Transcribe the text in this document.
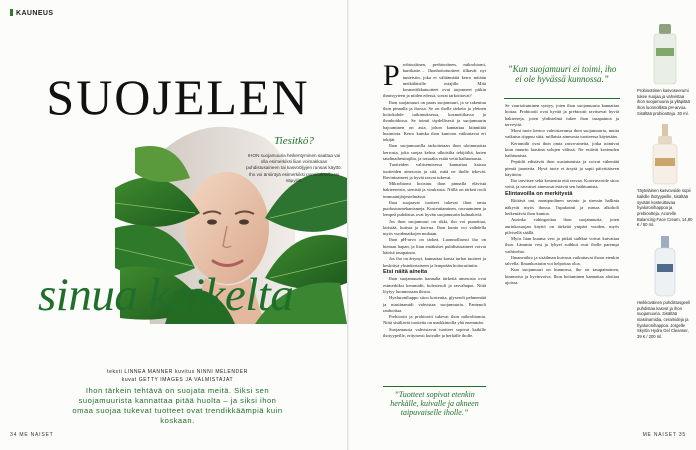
KAUNEUS
SUOJELEN
Tiesitkö?
IHON suojamuuria heikentyminen saattaa vai olla esimerkiksi liian voimakkaan puhdistusaineen tai kasvoöljyjen runsas käyttö. Iho voi ärsiintyä esimerkiksi punoituksella tai näpyillä.
sinua kaikelta
teksti LINNEA MANNER kuvitus NINNI MELENDER
kuvat GETTY IMAGES JA VALMISTAJAT
Ihon tärkein tehtävä on suojata meitä. Siksi sen suojamuurista kannattaa pitää huolta – ja siksi ihon omaa suojaa tukevat tuotteet ovat trendikkäämpiä kuin koskaan.
34 ME NAISET
P robiootiinen, prebiootinen, mikrobiomi, barrikatie… Ihonhoitotuotteet tilkavät nyt tunteisiin, joka ei välttämättä kerro mitään meikäläisille ostajille. Mitä kosmetiikkatuotteet ovat tarjonneet pitkin ihmisyyteen ja niiden edessä, sorrat tarkoittavat?

Ihon suojamuuri on paras suojamuuri, ja se rakentuu ihon pinnalla ja ihossa. Se on iholle tärkein ja yleinen hoitokohde tutkimuksessa, kosmetiikassa ja ihonhoidossa. Se toimii täydellisesti ja suojamuurin hajoaminen on asia, johon kannattaa kiinnittää huomiota. Kerro kuinka ihon kuntoon vaikuttavat eri tekijät.

Ihon suojamuurilla tarkoitetaan ihon uloimmaista kerrosta, joka suojaa kehoa ulkoisilta tekijöiltä, kuten taudinaiheuttajilta, ja toisaalta estää vettä haihtumasta.

Tuotteiden valitsemisessa kannattaa katsoa tuotteiden ainesosia ja sitä, mitä ne iholle tekevät. Ravintoaineet ja hyvät rasvat tukevat.

Mikrobiomi koostuu ihon pinnalla elävistä bakteereista, sienistä ja viruksista. Niillä on tärkeä rooli immuunijärjestelmässä.

Ihoa suojaavat tuotteet tukevat ihon omia puolustusmekanismeja. Kosteuttaminen, rasvaaminen ja lempeä puhdistus ovat hyvän suojamuurin kulmakiviä.

Jos ihon suojamuuri on rikki, iho voi punoittaa, kiristää, kutista ja kuivua. Ihon kunto voi vaihdella myös vuodenaikojen mukaan.

Ihon pH-arvo on tärkeä. Luonnollisesti iho on hieman hapan, ja liian emäksiset puhdistusaineet voivat häiritä tasapainoa.

Jos iho on ärtynyt, kannattaa karsia turhat tuotteet ja keskittyä yksinkertaiseen ja lempeään hoitorutiiniin.

Etsi näitä aineita

Ihon suojamuurin kannalta tärkeitä ainesosia ovat esimerkiksi keramidit, kolesteroli ja rasvahapot. Niitä löytyy luonnostaan ihosta.

Hyaluronihappo sitoo kosteutta, glyseroli pehmentää ja niasiinamidi vahvistaa suojamuuria. Pantenoli rauhoittaa.

Prebiootit ja probiootit tukevat ihon mikrobiomia. Niitä sisältäviä tuotteita on markkinoilla yhä enemmän.

Suojamuuria vahvistavat tuotteet sopivat kaikille ihotyypeille, erityisesti kuivalle ja herkälle iholle.

”Tuotteet sopivat etenkin herkälle, kuivalle ja akneen taipuvaiselle iholle.”
”Kun suojamuuri ei toimi, iho ei ole hyvässä kunnossa.”

Se vaurioituminen syntyy, joten ihon suojamuuria kannattaa hoitaa. Probiootit ovat hyvää ja prebiootit ravitsevat hyviä bakteereja, joten yhdistelmä tukee ihon tasapainoa ja terveyttä.

Moni tuote kertoo vahvistavansa ihon suojamuuria, mutta vaikutus riippuu siitä, millaisia ainesosia tuotteessa käytetään.

Keramidit ovat ihon omia rasva-aineita, jotka toimivat kuin muurin laastina solujen välissä. Ne estävät kosteuden haihtumista.

Peptidit edistävät ihon uusiutumista ja voivat vähentää pieniä juonteita. Hyvä tuote ei ärsytä ja sopii päivittäiseen käyttöön.

Iho tarvitsee sekä kosteutta että rasvaa. Kosteusvoide sitoo vettä, ja rasvaiset ainesosat estävät sen haihtumista.

Elintavoilla on merkitystä

Riittävä uni, monipuolinen ravinto ja stressin hallinta näkyvät myös ihossa. Tupakointi ja runsas alkoholi heikentävät ihon kuntoa.

Aurinko vahingoittaa ihon suojamuuria, joten aurinkosuojan käyttö on tärkeää ympäri vuoden, myös pilvisellä säällä.

Myös liian kuuma vesi ja pitkät suihkut voivat kuivattaa ihoa. Lämmin vesi ja lyhyet suihkut ovat iholle parempi vaihtoehto.

Ilmanvaihto ja sisäilman kuivuus vaikuttavat ihoon etenkin talvella. Ilmankostutin voi helpottaa oloa.

Kun suojamuuri on kunnossa, iho on tasapainoinen, kimmoisa ja hyvinvoiva. Ihon hoitaminen kannattaa aloittaa ajoissa.

Probioottinen kasvoseerumi tukee suojaa ja vahvistaa ihon suojamuuria ja ylläpitää ihon luonnollista pH-arvoa. Sisältää probiootteja. 30 ml.
Täyteläinen kasvovoide sopii kaikille ihotyypeille, sisältää syvään kosteuttavaa hyaluronihappoa ja prebiootteja. Acorelle Balancing Face Cream, 14,80 € / 50 ml.
Heikkoväinen puhdistusgeeli puhdistaa kasvot ja ihon suojamuuria. Sisältää niasiinamidia, ceramideja ja hyaluronihappoa. Jorgelle Skyrtin Hydra Gel Cleanser, 39 € / 200 ml.
ME NAISET 35
